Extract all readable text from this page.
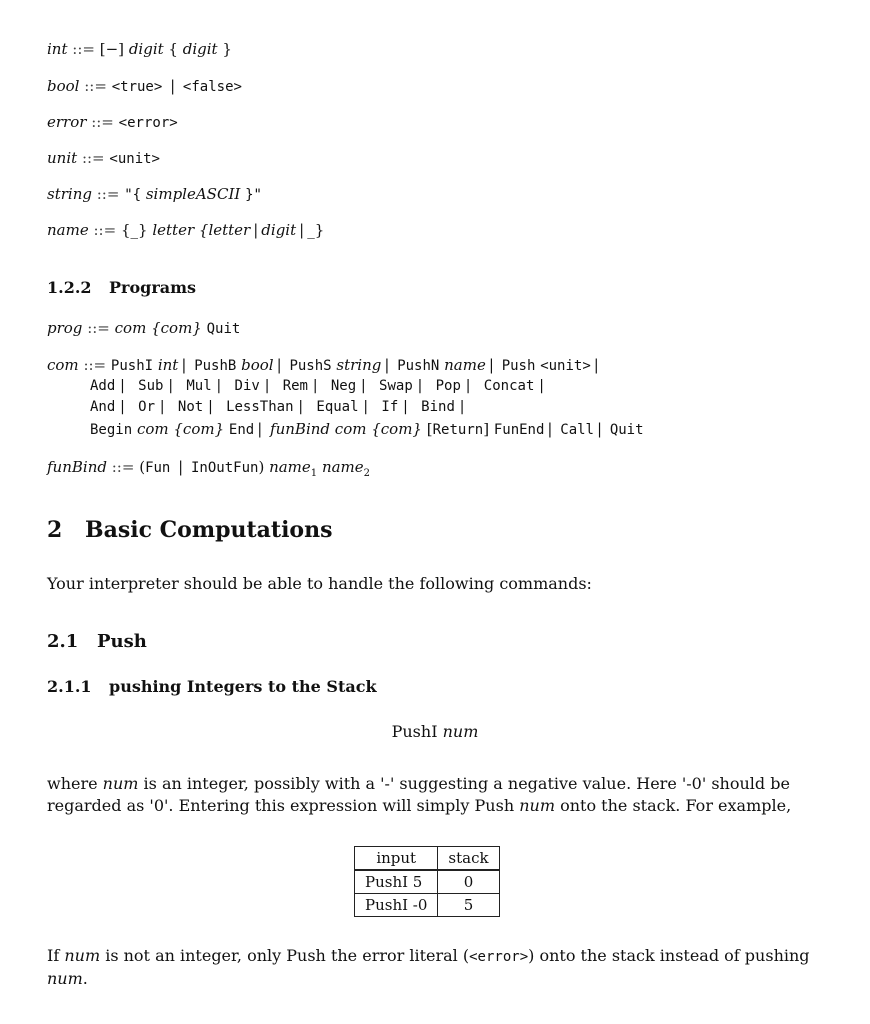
int ::= [−] digit { digit }
bool ::= <true> | <false>
error ::= <error>
unit ::= <unit>
string ::= "{ simpleASCII }"
name ::= {_} letter {letter | digit | _}
1.2.2 Programs
prog ::= com {com} Quit
com ::= PushI int | PushB bool | PushS string | PushN name | Push <unit> |
Add | Sub | Mul | Div | Rem | Neg | Swap | Pop | Concat |
And | Or | Not | LessThan | Equal | If | Bind |
Begin com {com} End | funBind com {com} [Return] FunEnd | Call | Quit
funBind ::= (Fun | InOutFun) name$_1$ name$_2$
2 Basic Computations
Your interpreter should be able to handle the following commands:
2.1 Push
2.1.1 pushing Integers to the Stack
PushI num
where num is an integer, possibly with a '-' suggesting a negative value. Here '-0' should be regarded as '0'. Entering this expression will simply Push num onto the stack. For example,
input	stack
PushI 5	0
PushI -0	5
If num is not an integer, only Push the error literal (<error>) onto the stack instead of pushing num.
